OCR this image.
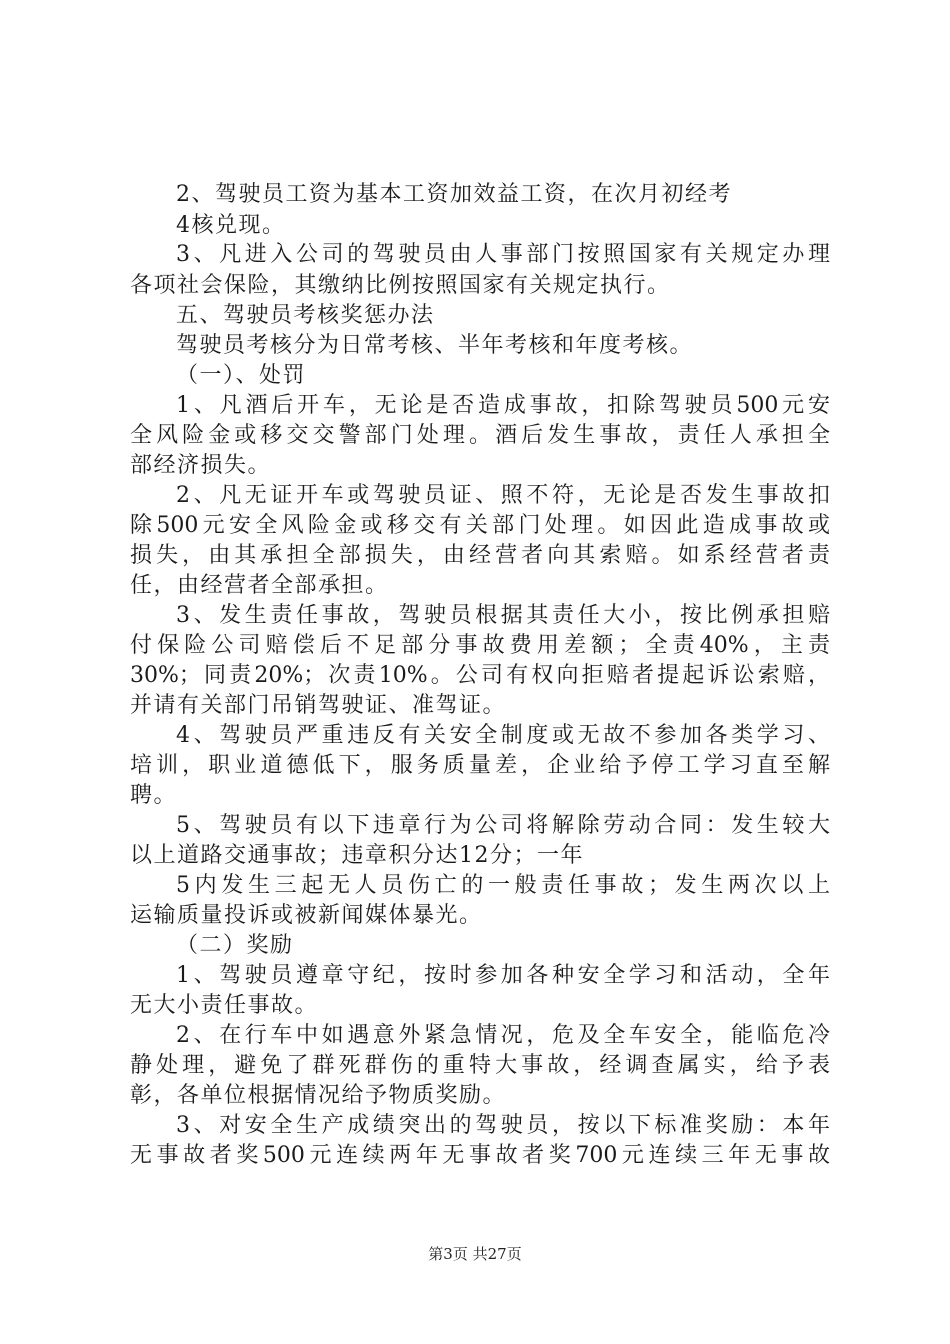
2、驾驶员工资为基本工资加效益工资，在次月初经考
4核兑现。
3、凡进入公司的驾驶员由人事部门按照国家有关规定办理
各项社会保险，其缴纳比例按照国家有关规定执行。
五、驾驶员考核奖惩办法
驾驶员考核分为日常考核、半年考核和年度考核。
（一）、处罚
1、凡酒后开车，无论是否造成事故，扣除驾驶员500元安
全风险金或移交交警部门处理。酒后发生事故，责任人承担全
部经济损失。
2、凡无证开车或驾驶员证、照不符，无论是否发生事故扣
除500元安全风险金或移交有关部门处理。如因此造成事故或
损失，由其承担全部损失，由经营者向其索赔。如系经营者责
任，由经营者全部承担。
3、发生责任事故，驾驶员根据其责任大小，按比例承担赔
付保险公司赔偿后不足部分事故费用差额；全责40%，主责
30%；同责20%；次责10%。公司有权向拒赔者提起诉讼索赔，
并请有关部门吊销驾驶证、准驾证。
4、驾驶员严重违反有关安全制度或无故不参加各类学习、
培训，职业道德低下，服务质量差，企业给予停工学习直至解
聘。
5、驾驶员有以下违章行为公司将解除劳动合同：发生较大
以上道路交通事故；违章积分达12分；一年
5内发生三起无人员伤亡的一般责任事故；发生两次以上
运输质量投诉或被新闻媒体暴光。
（二）奖励
1、驾驶员遵章守纪，按时参加各种安全学习和活动，全年
无大小责任事故。
2、在行车中如遇意外紧急情况，危及全车安全，能临危冷
静处理，避免了群死群伤的重特大事故，经调查属实，给予表
彰，各单位根据情况给予物质奖励。
3、对安全生产成绩突出的驾驶员，按以下标准奖励：本年
无事故者奖500元连续两年无事故者奖700元连续三年无事故
第3页 共27页
